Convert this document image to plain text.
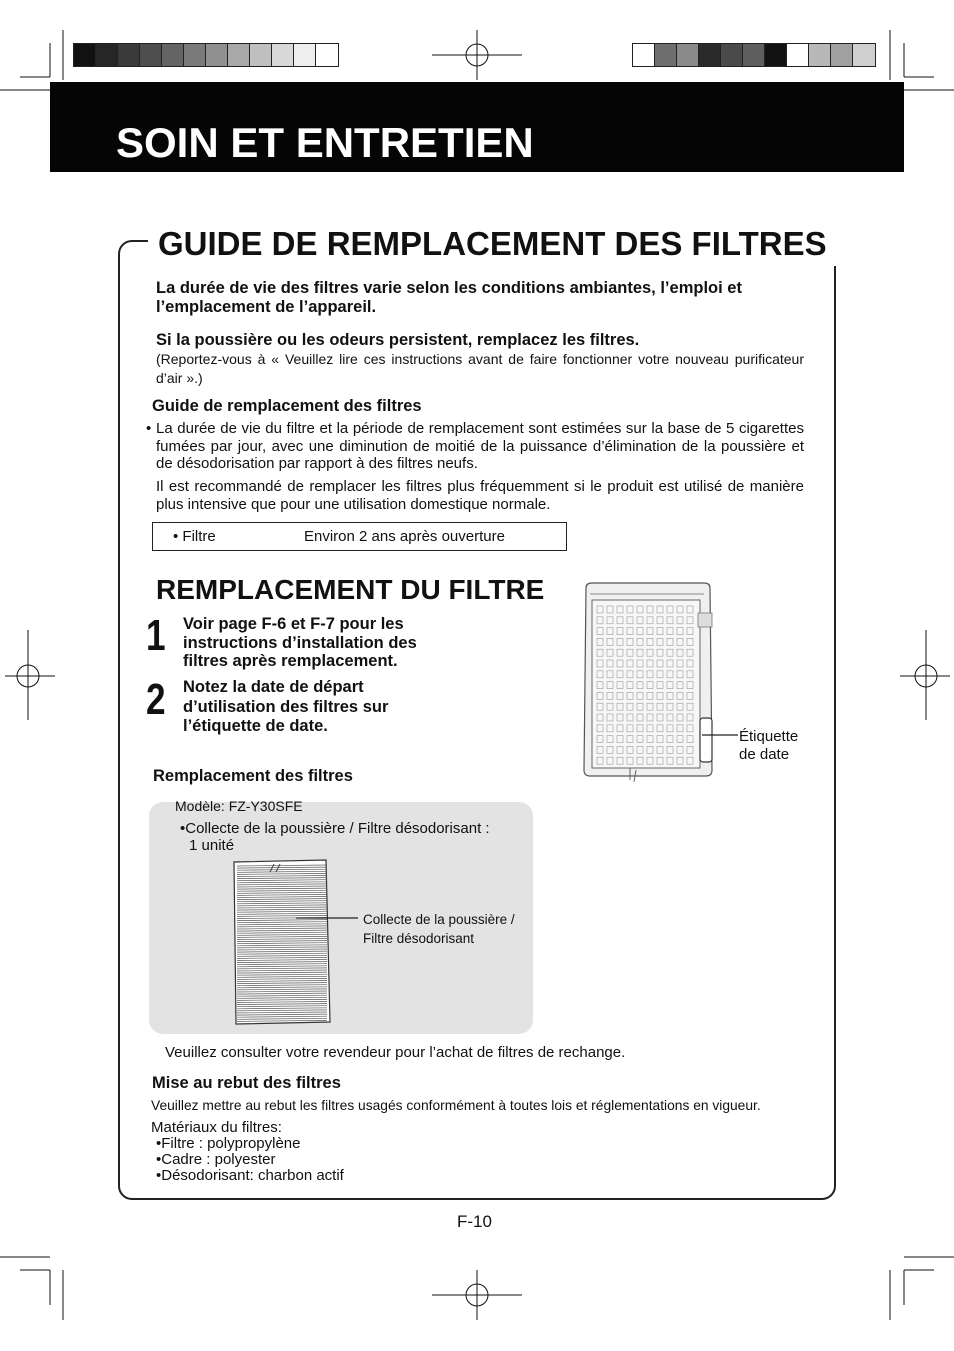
SOIN ET ENTRETIEN
GUIDE DE REMPLACEMENT DES FILTRES
La durée de vie des filtres varie selon les conditions ambiantes, l’emploi et l’emplacement de l’appareil.
Si la poussière ou les odeurs persistent, remplacez les filtres.
(Reportez-vous à « Veuillez lire ces instructions avant de faire fonctionner votre nouveau purificateur d’air ».)
Guide de remplacement des filtres
• La durée de vie du filtre et la période de remplacement sont estimées sur la base de 5 cigarettes fumées par jour, avec une diminution de moitié de la puissance d’élimination de la poussière et de désodorisation par rapport à des filtres neufs.
Il est recommandé de remplacer les filtres plus fréquemment si le produit est utilisé de manière plus intensive que pour une utilisation domestique normale.
• Filtre	Environ 2 ans après ouverture
REMPLACEMENT DU FILTRE
1 Voir page F-6 et F-7 pour les instructions d’installation des filtres après remplacement.
2 Notez la date de départ d’utilisation des filtres sur l’étiquette de date.
Étiquette
de date
Remplacement des filtres
Modèle: FZ-Y30SFE
•Collecte de la poussière / Filtre désodorisant :
1 unité
Collecte de la poussière /
Filtre désodorisant
Veuillez consulter votre revendeur pour l’achat de filtres de rechange.
Mise au rebut des filtres
Veuillez mettre au rebut les filtres usagés conformément à toutes lois et réglementations en vigueur.
Matériaux du filtres:
•Filtre : polypropylène
•Cadre : polyester
•Désodorisant: charbon actif
F-10
